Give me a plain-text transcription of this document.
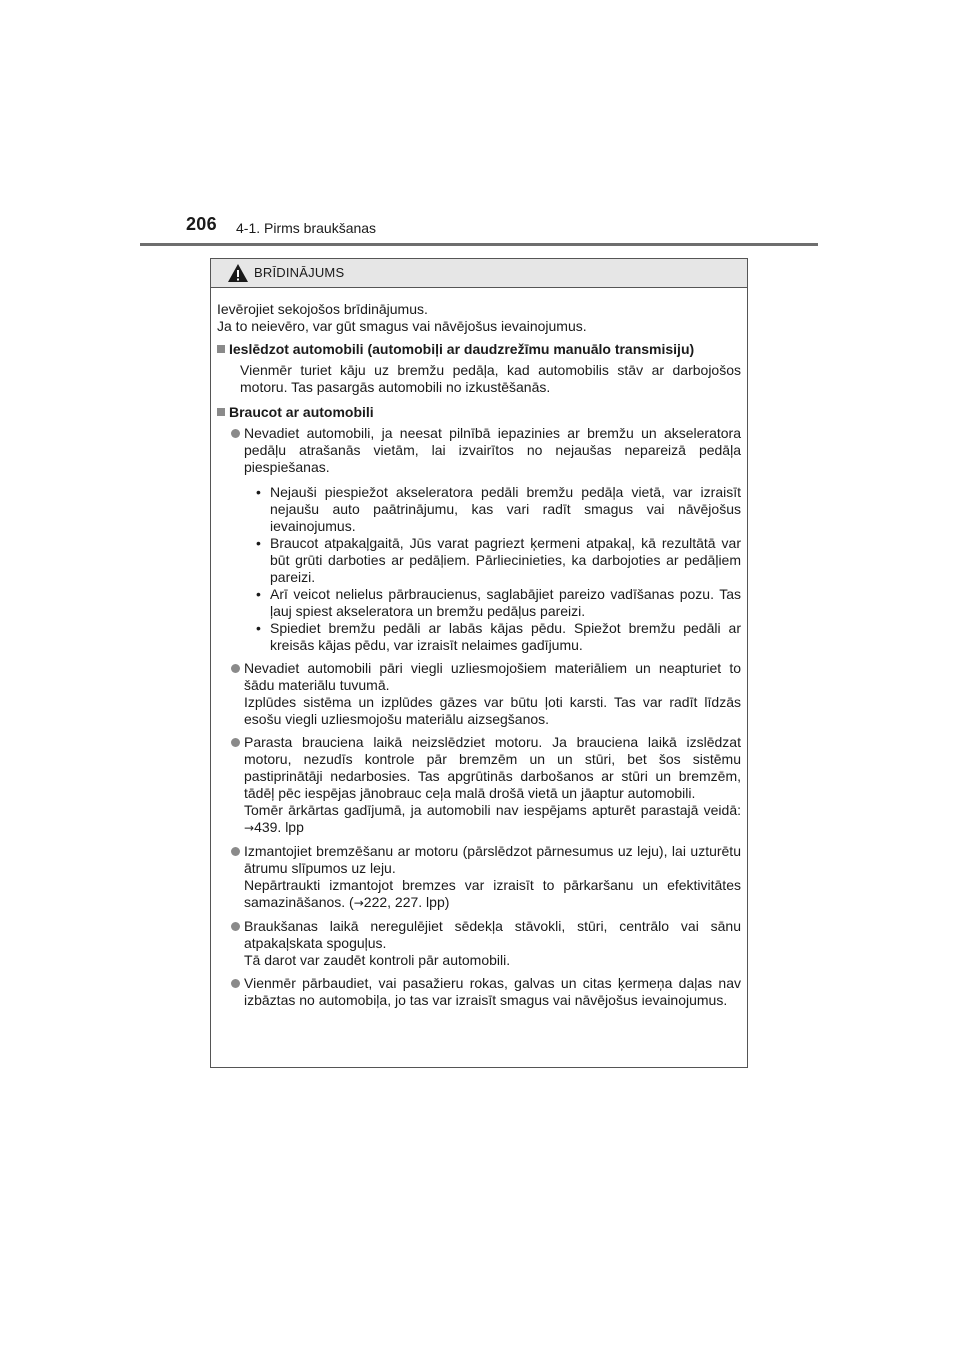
206 4-1. Pirms braukšanas
BRĪDINĀJUMS
Ievērojiet sekojošos brīdinājumus.
Ja to neievēro, var gūt smagus vai nāvējošus ievainojumus.
Ieslēdzot automobili (automobiļi ar daudzrežīmu manuālo transmisiju)
Vienmēr turiet kāju uz bremžu pedāļa, kad automobilis stāv ar darbojošos motoru. Tas pasargās automobili no izkustēšanās.
Braucot ar automobili
Nevadiet automobili, ja neesat pilnībā iepazinies ar bremžu un akseleratora pedāļu atrašanās vietām, lai izvairītos no nejaušas nepareizā pedāļa piespiešanas.
• Nejauši piespiežot akseleratora pedāli bremžu pedāļa vietā, var izraisīt nejaušu auto paātrinājumu, kas vari radīt smagus vai nāvējošus ievainojumus.
• Braucot atpakaļgaitā, Jūs varat pagriezt ķermeni atpakaļ, kā rezultātā var būt grūti darboties ar pedāļiem. Pārliecinieties, ka darbojoties ar pedāļiem pareizi.
• Arī veicot nelielus pārbraucienus, saglabājiet pareizo vadīšanas pozu. Tas ļauj spiest akseleratora un bremžu pedāļus pareizi.
• Spiediet bremžu pedāli ar labās kājas pēdu. Spiežot bremžu pedāli ar kreisās kājas pēdu, var izraisīt nelaimes gadījumu.
Nevadiet automobili pāri viegli uzliesmojošiem materiāliem un neapturiet to šādu materiālu tuvumā.
Izplūdes sistēma un izplūdes gāzes var būtu ļoti karsti. Tas var radīt līdzās esošu viegli uzliesmojošu materiālu aizsegšanos.
Parasta brauciena laikā neizslēdziet motoru. Ja brauciena laikā izslēdzat motoru, nezudīs kontrole pār bremzēm un un stūri, bet šos sistēmu pastiprinātāji nedarbosies. Tas apgrūtinās darbošanos ar stūri un bremzēm, tādēļ pēc iespējas jānobrauc ceļa malā drošā vietā un jāaptur automobili.
Tomēr ārkārtas gadījumā, ja automobili nav iespējams apturēt parastajā veidā: →439. lpp
Izmantojiet bremzēšanu ar motoru (pārslēdzot pārnesumus uz leju), lai uzturētu ātrumu slīpumos uz leju.
Nepārtraukti izmantojot bremzes var izraisīt to pārkaršanu un efektivitātes samazināšanos. (→222, 227. lpp)
Braukšanas laikā neregulējiet sēdekļa stāvokli, stūri, centrālo vai sānu atpakaļskata spoguļus.
Tā darot var zaudēt kontroli pār automobili.
Vienmēr pārbaudiet, vai pasažieru rokas, galvas un citas ķermeņa daļas nav izbāztas no automobiļa, jo tas var izraisīt smagus vai nāvējošus ievainojumus.
